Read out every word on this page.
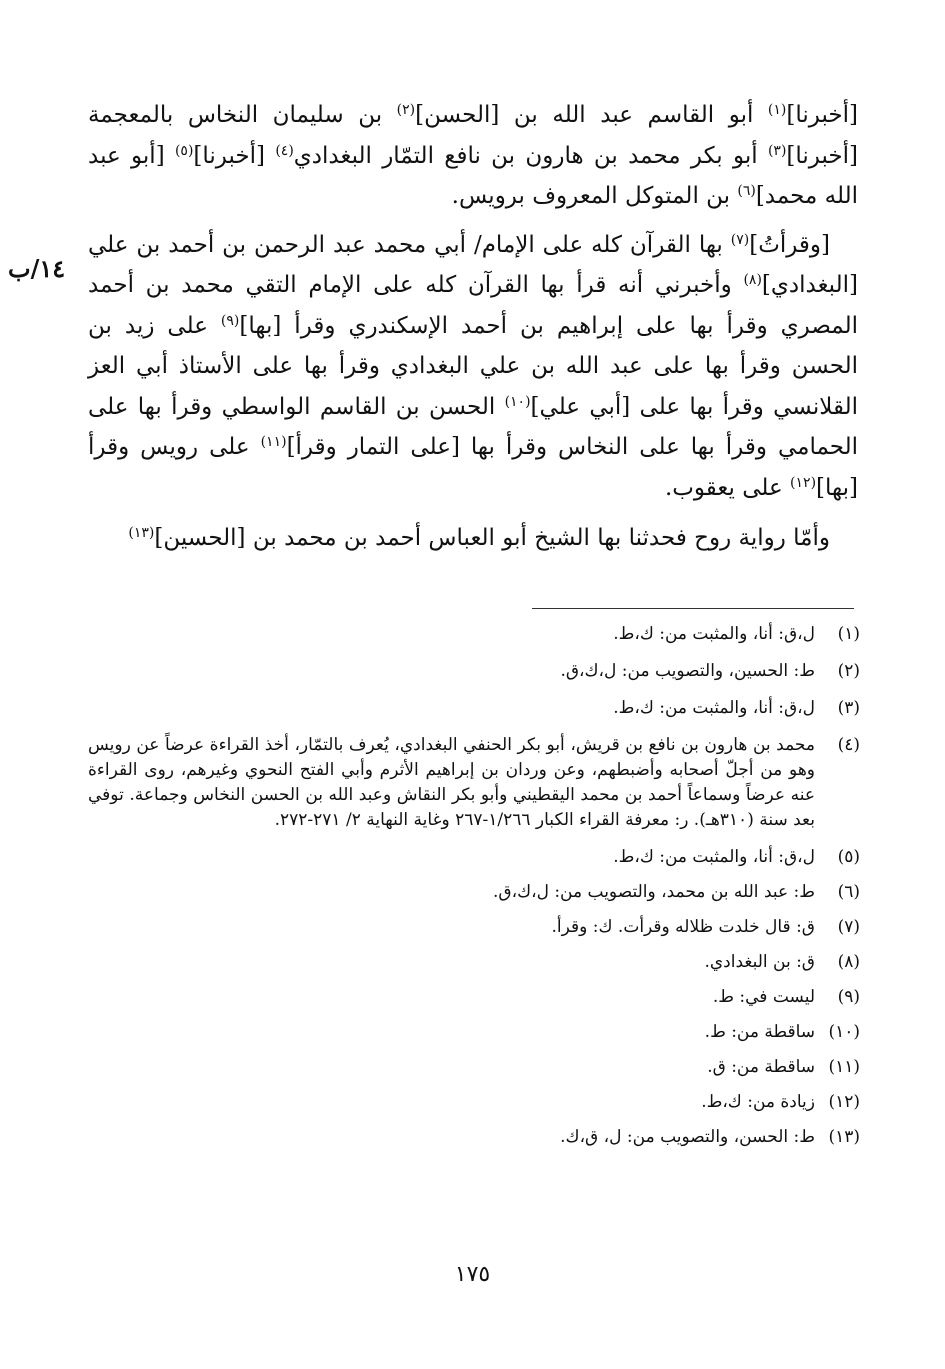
١٤/ب

[أخبرنا]$^{(١)}$ أبو القاسم عبد الله بن [الحسن]$^{(٢)}$ بن سليمان النخاس بالمعجمة [أخبرنا]$^{(٣)}$ أبو بكر محمد بن هارون بن نافع التمّار البغدادي$^{(٤)}$ [أخبرنا]$^{(٥)}$ [أبو عبد الله محمد]$^{(٦)}$ بن المتوكل المعروف برويس.

[وقرأتُ]$^{(٧)}$ بها القرآن كله على الإمام/ أبي محمد عبد الرحمن بن أحمد بن علي [البغدادي]$^{(٨)}$ وأخبرني أنه قرأ بها القرآن كله على الإمام التقي محمد بن أحمد المصري وقرأ بها على إبراهيم بن أحمد الإسكندري وقرأ [بها]$^{(٩)}$ على زيد بن الحسن وقرأ بها على عبد الله بن علي البغدادي وقرأ بها على الأستاذ أبي العز القلانسي وقرأ بها على [أبي علي]$^{(١٠)}$ الحسن بن القاسم الواسطي وقرأ بها على الحمامي وقرأ بها على النخاس وقرأ بها [على التمار وقرأ]$^{(١١)}$ على رويس وقرأ [بها]$^{(١٢)}$ على يعقوب.

وأمّا رواية روح فحدثنا بها الشيخ أبو العباس أحمد بن محمد بن [الحسين]$^{(١٣)}$

(١)
ل،ق: أنا، والمثبت من: ك،ط.
(٢)
ط: الحسين، والتصويب من: ل،ك،ق.
(٣)
ل،ق: أنا، والمثبت من: ك،ط.
(٤)
محمد بن هارون بن نافع بن قريش، أبو بكر الحنفي البغدادي، يُعرف بالتمّار، أخذ القراءة عرضاً عن رويس وهو من أجلّ أصحابه وأضبطهم، وعن وردان بن إبراهيم الأثرم وأبي الفتح النحوي وغيرهم، روى القراءة عنه عرضاً وسماعاً أحمد بن محمد اليقطيني وأبو بكر النقاش وعبد الله بن الحسن النخاس وجماعة. توفي بعد سنة (٣١٠هـ). ر: معرفة القراء الكبار ١/٢٦٦-٢٦٧ وغاية النهاية ٢/ ٢٧١-٢٧٢.
(٥)
ل،ق: أنا، والمثبت من: ك،ط.
(٦)
ط: عبد الله بن محمد، والتصويب من: ل،ك،ق.
(٧)
ق: قال خلدت ظلاله وقرأت. ك: وقرأ.
(٨)
ق: بن البغدادي.
(٩)
ليست في: ط.
(١٠)
ساقطة من: ط.
(١١)
ساقطة من: ق.
(١٢)
زيادة من: ك،ط.
(١٣)
ط: الحسن، والتصويب من: ل، ق،ك.
١٧٥
